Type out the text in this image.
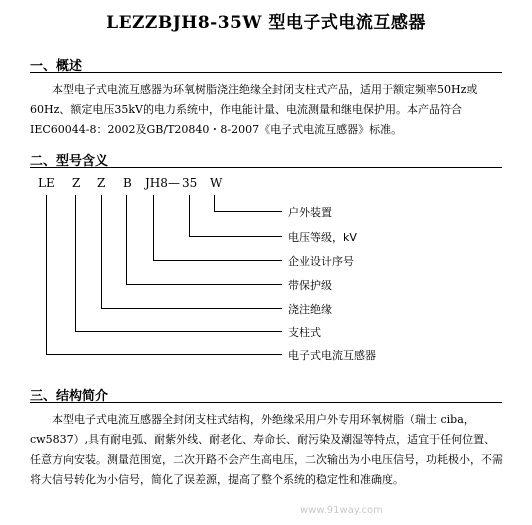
LEZZBJH8-35W 型电子式电流互感器
一、概述

本型电子式电流互感器为环氧树脂浇注绝缘全封闭支柱式产品，适用于额定频率50Hz或60Hz、额定电压35kV的电力系统中，作电能计量、电流测量和继电保护用。本产品符合IEC60044-8：2002及GB/T20840・8-2007《电子式电流互感器》标准。

二、型号含义
LE Z Z B JH8 — 35 W
户外装置
电压等级，kV
企业设计序号
带保护级
浇注绝缘
支柱式
电子式电流互感器
三、结构简介

本型电子式电流互感器全封闭支柱式结构，外绝缘采用户外专用环氧树脂（瑞士 ciba，cw5837）,具有耐电弧、耐紫外线、耐老化、寿命长、耐污染及潮湿等特点，适宜于任何位置、任意方向安装。测量范围宽，二次开路不会产生高电压，二次输出为小电压信号，功耗极小，不需将大信号转化为小信号，简化了误差源，提高了整个系统的稳定性和准确度。

www.91way.com
